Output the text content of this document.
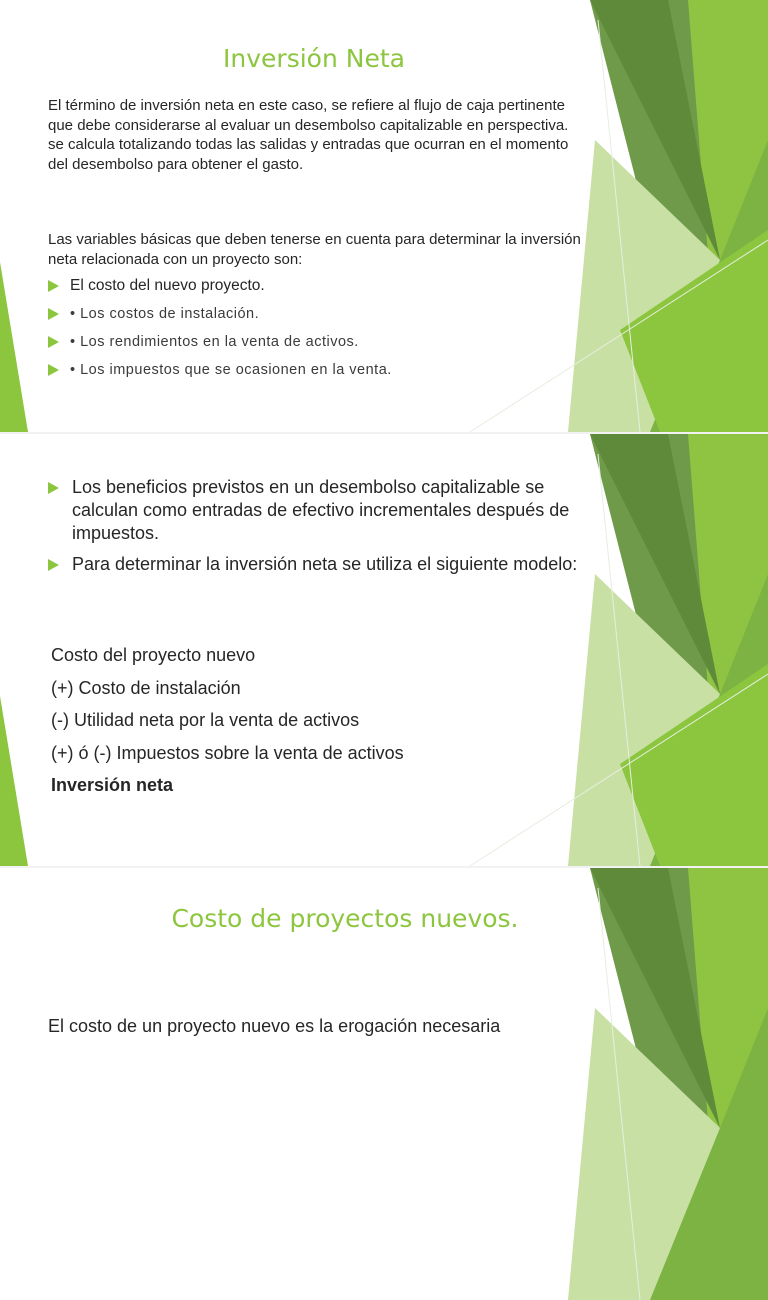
Inversión Neta

El término de inversión neta en este caso, se refiere al flujo de caja pertinente que debe considerarse al evaluar un desembolso capitalizable en perspectiva. se calcula totalizando todas las salidas y entradas que ocurran en el momento del desembolso para obtener el gasto.

Las variables básicas que deben tenerse en cuenta para determinar la inversión neta relacionada con un proyecto son:

El costo del nuevo proyecto.
• Los costos de instalación.
• Los rendimientos en la venta de activos.
• Los impuestos que se ocasionen en la venta.
Los beneficios previstos en un desembolso capitalizable se calculan como entradas de efectivo incrementales después de impuestos.
Para determinar la inversión neta se utiliza el siguiente modelo:
Costo del proyecto nuevo
(+) Costo de instalación
(-) Utilidad neta por la venta de activos
(+) ó (-) Impuestos sobre la venta de activos
Inversión neta
Costo de proyectos nuevos.

El costo de un proyecto nuevo es la erogación necesaria
